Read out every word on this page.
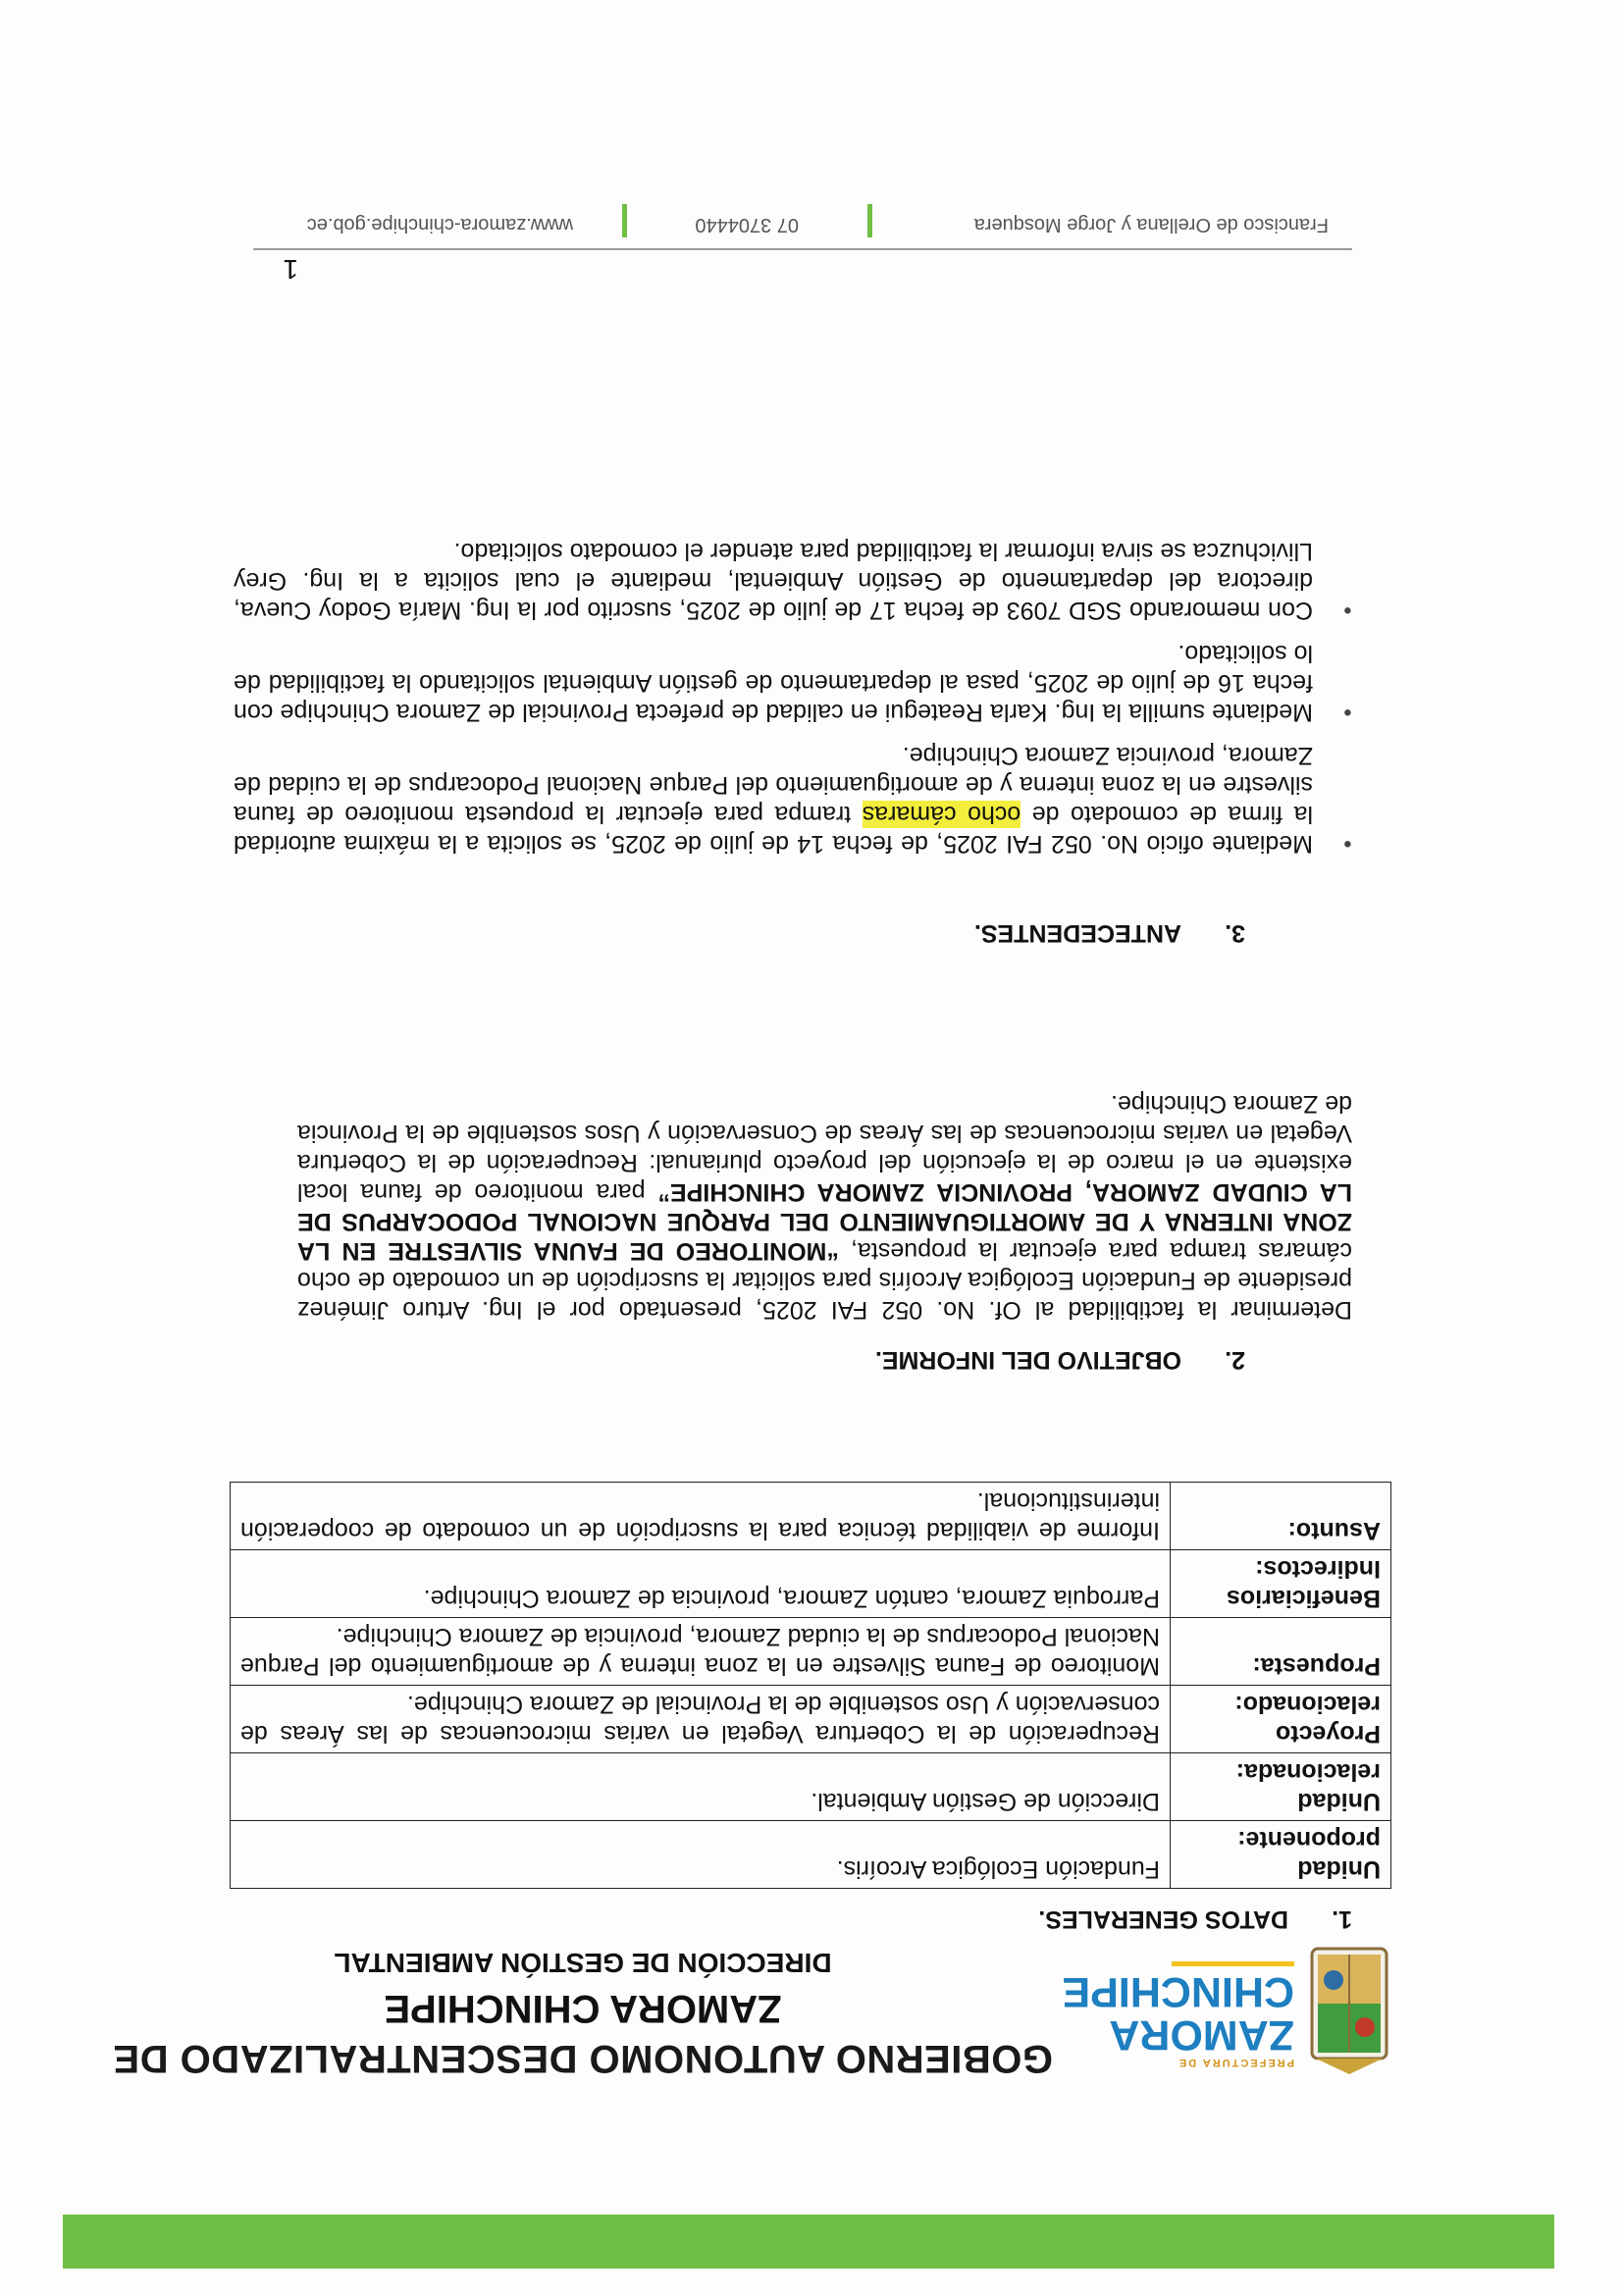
PREFECTURA DE
ZAMORA
CHINCHIPE
GOBIERNO AUTONOMO DESCENTRALIZADO DE
ZAMORA CHINCHIPE
DIRECCIÓN DE GESTIÓN AMBIENTAL
1.DATOS GENERALES.
Unidad proponente:	Fundación Ecológica Arcoíris.
Unidad relacionada:	Dirección de Gestión Ambiental.
Proyecto relacionado:	Recuperación de la Cobertura Vegetal en varias microcuencas de las Áreas de conservación y Uso sostenible de la Provincial de Zamora Chinchipe.
Propuesta:	Monitoreo de Fauna Silvestre en la zona interna y de amortiguamiento del Parque Nacional Podocarpus de la ciudad Zamora, provincia de Zamora Chinchipe.
Beneficiarios Indirectos:	Parroquia Zamora, cantón Zamora, provincia de Zamora Chinchipe.
Asunto:	Informe de viabilidad técnica para la suscripción de un comodato de cooperación interinstitucional.
2.OBJETIVO DEL INFORME.
Determinar la factibilidad al Of. No. 052 FAI 2025, presentado por el Ing. Arturo Jiménez presidente de Fundación Ecológica Arcoíris para solicitar la suscripción de un comodato de ocho cámaras trampa para ejecutar la propuesta, “MONITOREO DE FAUNA SILVESTRE EN LA ZONA INTERNA Y DE AMORTIGUAMIENTO DEL PARQUE NACIONAL PODOCARPUS DE LA CIUDAD ZAMORA, PROVINCIA ZAMORA CHINCHIPE” para monitoreo de fauna local existente en el marco de la ejecución del proyecto plurianual: Recuperación de la Cobertura Vegetal en varias microcuencas de las Áreas de Conservación y Usos sostenible de la Provincia de Zamora Chinchipe.
3.ANTECEDENTES.
● Mediante oficio No. 052 FAI 2025, de fecha 14 de julio de 2025, se solicita a la máxima autoridad la firma de comodato de ocho cámaras trampa para ejecutar la propuesta monitoreo de fauna silvestre en la zona interna y de amortiguamiento del Parque Nacional Podocarpus de la cuidad de Zamora, provincia Zamora Chinchipe.
● Mediante sumilla la Ing. Karla Reategui en calidad de prefecta Provincial de Zamora Chinchipe con fecha 16 de julio de 2025, pasa al departamento de gestión Ambiental solicitando la factibilidad de lo solicitado.
● Con memorando SGD 7093 de fecha 17 de julio de 2025, suscrito por la Ing. María Godoy Cueva, directora del departamento de Gestión Ambiental, mediante el cual solicita a la Ing. Grey Llivichuzca se sirva informar la factibilidad para atender el comodato solicitado.
1
Francisco de Orellana y Jorge Mosquera
07 3704440
www.zamora-chinchipe.gob.ec
